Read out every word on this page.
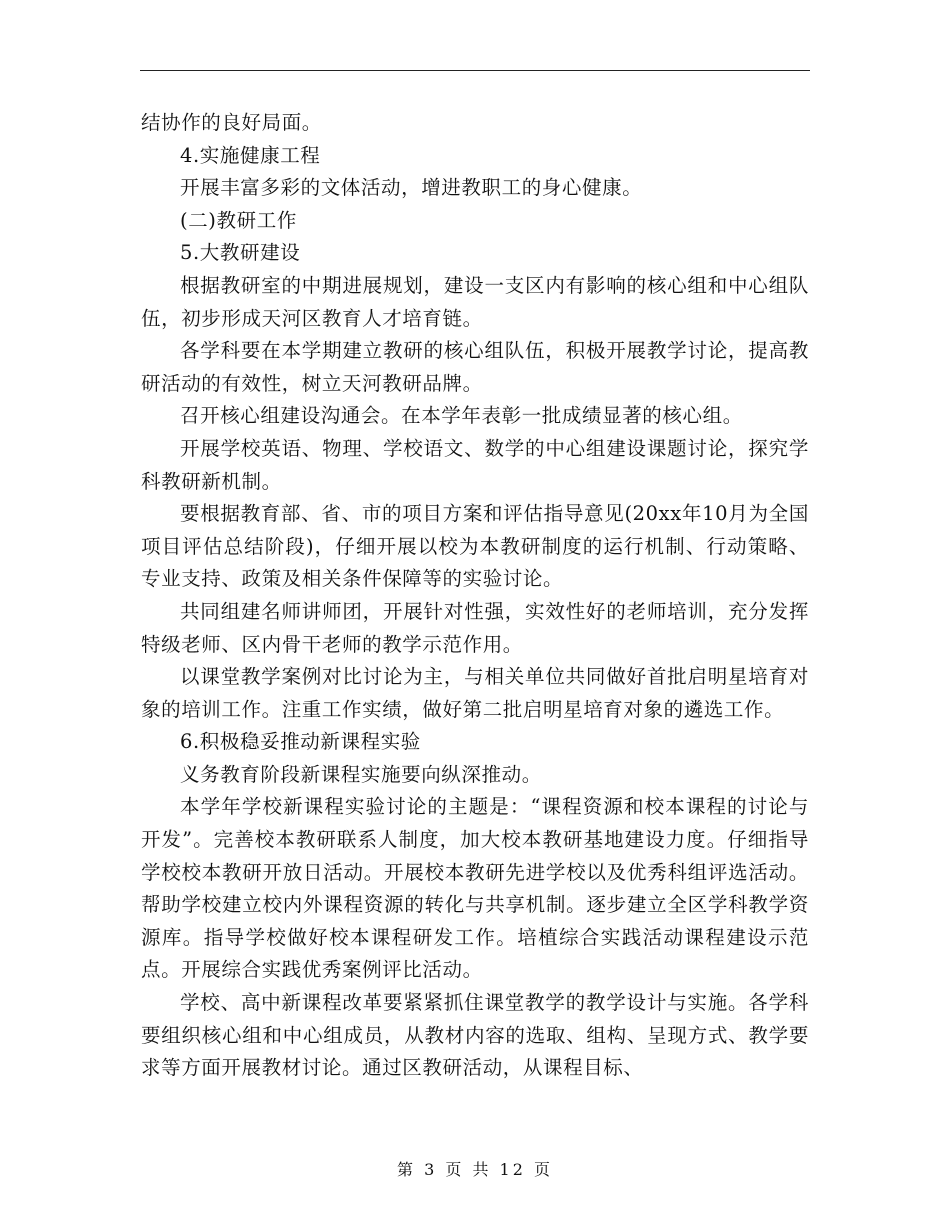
结协作的良好局面。

4.实施健康工程

开展丰富多彩的文体活动，增进教职工的身心健康。

(二)教研工作

5.大教研建设

根据教研室的中期进展规划，建设一支区内有影响的核心组和中心组队伍，初步形成天河区教育人才培育链。

各学科要在本学期建立教研的核心组队伍，积极开展教学讨论，提高教研活动的有效性，树立天河教研品牌。

召开核心组建设沟通会。在本学年表彰一批成绩显著的核心组。

开展学校英语、物理、学校语文、数学的中心组建设课题讨论，探究学科教研新机制。

要根据教育部、省、市的项目方案和评估指导意见(20xx年10月为全国项目评估总结阶段)，仔细开展以校为本教研制度的运行机制、行动策略、专业支持、政策及相关条件保障等的实验讨论。

共同组建名师讲师团，开展针对性强，实效性好的老师培训，充分发挥特级老师、区内骨干老师的教学示范作用。

以课堂教学案例对比讨论为主，与相关单位共同做好首批启明星培育对象的培训工作。注重工作实绩，做好第二批启明星培育对象的遴选工作。

6.积极稳妥推动新课程实验

义务教育阶段新课程实施要向纵深推动。

本学年学校新课程实验讨论的主题是：“课程资源和校本课程的讨论与开发”。完善校本教研联系人制度，加大校本教研基地建设力度。仔细指导学校校本教研开放日活动。开展校本教研先进学校以及优秀科组评选活动。帮助学校建立校内外课程资源的转化与共享机制。逐步建立全区学科教学资源库。指导学校做好校本课程研发工作。培植综合实践活动课程建设示范点。开展综合实践优秀案例评比活动。

学校、高中新课程改革要紧紧抓住课堂教学的教学设计与实施。各学科要组织核心组和中心组成员，从教材内容的选取、组构、呈现方式、教学要求等方面开展教材讨论。通过区教研活动，从课程目标、

第 3 页 共 12 页
